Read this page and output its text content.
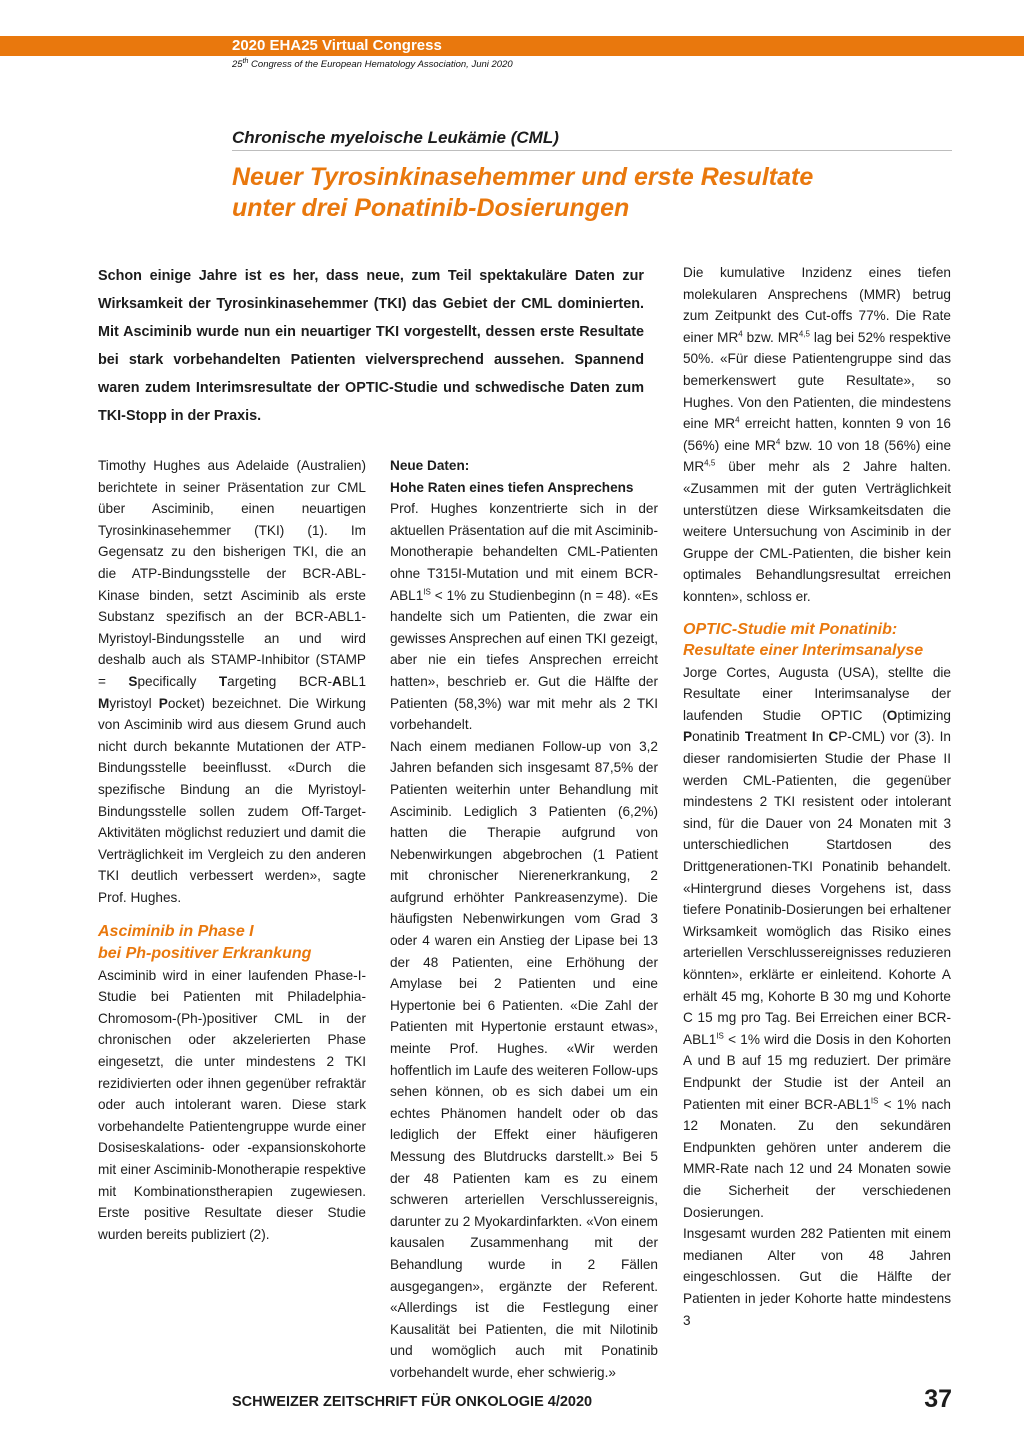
2020 EHA25 Virtual Congress
25th Congress of the European Hematology Association, Juni 2020
Chronische myeloische Leukämie (CML)
Neuer Tyrosinkinasehemmer und erste Resultate
unter drei Ponatinib-Dosierungen
Schon einige Jahre ist es her, dass neue, zum Teil spektakuläre Daten zur Wirksamkeit der Tyrosinkinasehemmer (TKI) das Gebiet der CML dominierten. Mit Asciminib wurde nun ein neuartiger TKI vorgestellt, dessen erste Resultate bei stark vorbehandelten Patienten vielversprechend aussehen. Spannend waren zudem Interimsresultate der OPTIC-Studie und schwedische Daten zum TKI-Stopp in der Praxis.

Timothy Hughes aus Adelaide (Australien) berichtete in seiner Präsentation zur CML über Asciminib, einen neuartigen Tyrosinkinasehemmer (TKI) (1). Im Gegensatz zu den bisherigen TKI, die an die ATP-Bindungsstelle der BCR-ABL-Kinase binden, setzt Asciminib als erste Substanz spezifisch an der BCR-ABL1-Myristoyl-Bindungsstelle an und wird deshalb auch als STAMP-Inhibitor (STAMP = Specifically Targeting BCR-ABL1 Myristoyl Pocket) bezeichnet. Die Wirkung von Asciminib wird aus diesem Grund auch nicht durch bekannte Mutationen der ATP-Bindungsstelle beeinflusst. «Durch die spezifische Bindung an die Myristoyl-Bindungsstelle sollen zudem Off-Target-Aktivitäten möglichst reduziert und damit die Verträglichkeit im Vergleich zu den anderen TKI deutlich verbessert werden», sagte Prof. Hughes.

Asciminib in Phase I
bei Ph-positiver Erkrankung

Asciminib wird in einer laufenden Phase-I-Studie bei Patienten mit Philadelphia-Chromosom-(Ph-)positiver CML in der chronischen oder akzelerierten Phase eingesetzt, die unter mindestens 2 TKI rezidivierten oder ihnen gegenüber refraktär oder auch intolerant waren. Diese stark vorbehandelte Patientengruppe wurde einer Dosiseskalations- oder -expansionskohorte mit einer Asciminib-Monotherapie respektive mit Kombinationstherapien zugewiesen. Erste positive Resultate dieser Studie wurden bereits publiziert (2).

Neue Daten:

Hohe Raten eines tiefen Ansprechens

Prof. Hughes konzentrierte sich in der aktuellen Präsentation auf die mit Asciminib-Monotherapie behandelten CML-Patienten ohne T315I-Mutation und mit einem BCR-$ABL1^{IS} < 1\%$ zu Studienbeginn (n = 48). «Es handelte sich um Patienten, die zwar ein gewisses Ansprechen auf einen TKI gezeigt, aber nie ein tiefes Ansprechen erreicht hatten», beschrieb er. Gut die Hälfte der Patienten (58,3%) war mit mehr als 2 TKI vorbehandelt.

Nach einem medianen Follow-up von 3,2 Jahren befanden sich insgesamt 87,5% der Patienten weiterhin unter Behandlung mit Asciminib. Lediglich 3 Patienten (6,2%) hatten die Therapie aufgrund von Nebenwirkungen abgebrochen (1 Patient mit chronischer Nierenerkrankung, 2 aufgrund erhöhter Pankreasenzyme). Die häufigsten Nebenwirkungen vom Grad 3 oder 4 waren ein Anstieg der Lipase bei 13 der 48 Patienten, eine Erhöhung der Amylase bei 2 Patienten und eine Hypertonie bei 6 Patienten. «Die Zahl der Patienten mit Hypertonie erstaunt etwas», meinte Prof. Hughes. «Wir werden hoffentlich im Laufe des weiteren Follow-ups sehen können, ob es sich dabei um ein echtes Phänomen handelt oder ob das lediglich der Effekt einer häufigeren Messung des Blutdrucks darstellt.» Bei 5 der 48 Patienten kam es zu einem schweren arteriellen Verschlussereignis, darunter zu 2 Myokardinfarkten. «Von einem kausalen Zusammenhang mit der Behandlung wurde in 2 Fällen ausgegangen», ergänzte der Referent. «Allerdings ist die Festlegung einer Kausalität bei Patienten, die mit Nilotinib und womöglich auch mit Ponatinib vorbehandelt wurde, eher schwierig.»

Die kumulative Inzidenz eines tiefen molekularen Ansprechens (MMR) betrug zum Zeitpunkt des Cut-offs 77%. Die Rate einer $MR^4$ bzw. MR$^{4,5}$ lag bei 52% respektive 50%. «Für diese Patientengruppe sind das bemerkenswert gute Resultate», so Hughes. Von den Patienten, die mindestens eine $MR^4$ erreicht hatten, konnten 9 von 16 (56%) eine $MR^4$ bzw. 10 von 18 (56%) eine MR$^{4,5}$ über mehr als 2 Jahre halten. «Zusammen mit der guten Verträglichkeit unterstützen diese Wirksamkeitsdaten die weitere Untersuchung von Asciminib in der Gruppe der CML-Patienten, die bisher kein optimales Behandlungsresultat erreichen konnten», schloss er.

OPTIC-Studie mit Ponatinib:
Resultate einer Interimsanalyse

Jorge Cortes, Augusta (USA), stellte die Resultate einer Interimsanalyse der laufenden Studie OPTIC (Optimizing Ponatinib Treatment In CP-CML) vor (3). In dieser randomisierten Studie der Phase II werden CML-Patienten, die gegenüber mindestens 2 TKI resistent oder intolerant sind, für die Dauer von 24 Monaten mit 3 unterschiedlichen Startdosen des Drittgenerationen-TKI Ponatinib behandelt. «Hintergrund dieses Vorgehens ist, dass tiefere Ponatinib-Dosierungen bei erhaltener Wirksamkeit womöglich das Risiko eines arteriellen Verschlussereignisses reduzieren könnten», erklärte er einleitend. Kohorte A erhält 45 mg, Kohorte B 30 mg und Kohorte C 15 mg pro Tag. Bei Erreichen einer BCR-$ABL1^{IS} < 1\%$ wird die Dosis in den Kohorten A und B auf 15 mg reduziert. Der primäre Endpunkt der Studie ist der Anteil an Patienten mit einer BCR-$ABL1^{IS} < 1\%$ nach 12 Monaten. Zu den sekundären Endpunkten gehören unter anderem die MMR-Rate nach 12 und 24 Monaten sowie die Sicherheit der verschiedenen Dosierungen.

Insgesamt wurden 282 Patienten mit einem medianen Alter von 48 Jahren eingeschlossen. Gut die Hälfte der Patienten in jeder Kohorte hatte mindestens 3

SCHWEIZER ZEITSCHRIFT FÜR ONKOLOGIE 4/2020	37
